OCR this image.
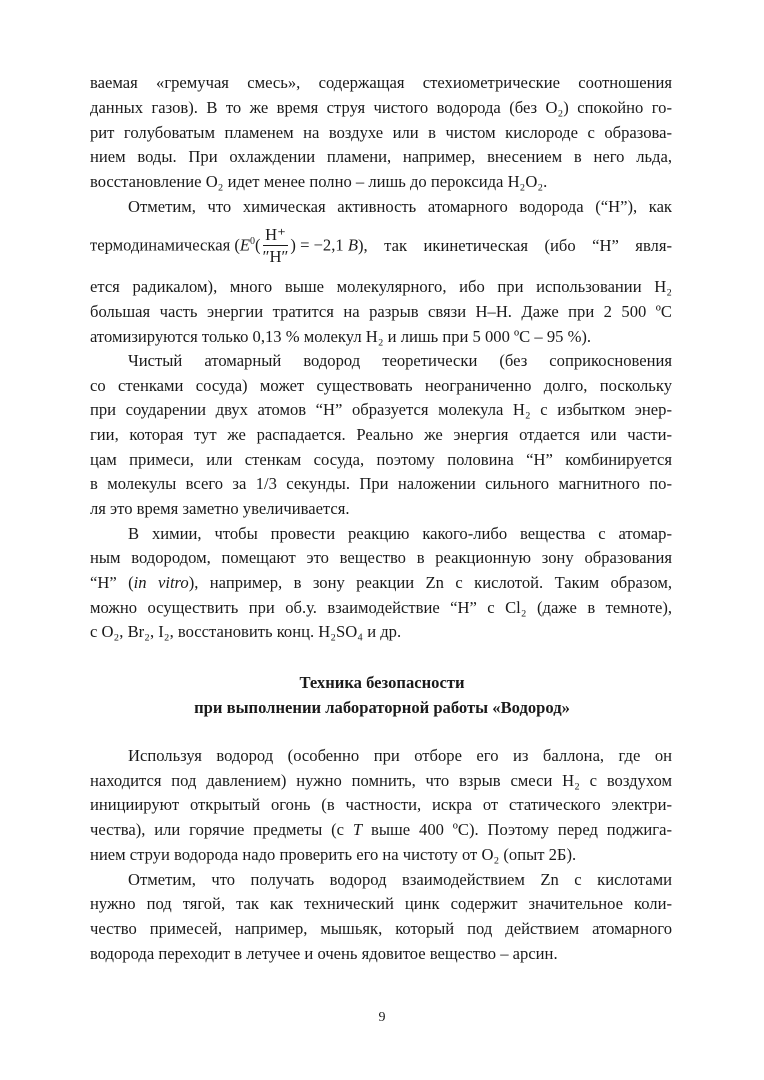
ваемая «гремучая смесь», содержащая стехиометрические соотношения
данных газов). В то же время струя чистого водорода (без O₂) спокойно го-
рит голубоватым пламенем на воздухе или в чистом кислороде с образова-
нием воды. При охлаждении пламени, например, внесением в него льда,
восстановление O₂ идет менее полно – лишь до пероксида H₂O₂.
Отметим, что химическая активность атомарного водорода (“Н”), как
ется радикалом), много выше молекулярного, ибо при использовании H₂
большая часть энергии тратится на разрыв связи Н–Н. Даже при 2 500 ºС
атомизируются только 0,13 % молекул H₂ и лишь при 5 000 ºС – 95 %).
Чистый атомарный водород теоретически (без соприкосновения
со стенками сосуда) может существовать неограниченно долго, поскольку
при соударении двух атомов “Н” образуется молекула H₂ с избытком энер-
гии, которая тут же распадается. Реально же энергия отдается или части-
цам примеси, или стенкам сосуда, поэтому половина “Н” комбинируется
в молекулы всего за 1/3 секунды. При наложении сильного магнитного по-
ля это время заметно увеличивается.
В химии, чтобы провести реакцию какого-либо вещества с атомар-
ным водородом, помещают это вещество в реакционную зону образования
“Н” (in vitro), например, в зону реакции Zn с кислотой. Таким образом,
можно осуществить при об.у. взаимодействие “Н” с Cl₂ (даже в темноте),
с O₂, Br₂, I₂, восстановить конц. H₂SO₄ и др.
Используя водород (особенно при отборе его из баллона, где он
находится под давлением) нужно помнить, что взрыв смеси H₂ с воздухом
инициируют открытый огонь (в частности, искра от статического электри-
чества), или горячие предметы (с T выше 400 ºС). Поэтому перед поджига-
нием струи водорода надо проверить его на чистоту от O₂ (опыт 2Б).
Отметим, что получать водород взаимодействием Zn с кислотами
нужно под тягой, так как технический цинк содержит значительное коли-
чество примесей, например, мышьяк, который под действием атомарного
водорода переходит в летучее и очень ядовитое вещество – арсин.
термодинамическая ($E^0( \frac{H^+}{''H''}$ ) = −2,1 В ), так икинетическая (ибо “Н” явля-
Техника безопасности
при выполнении лабораторной работы «Водород»
9
